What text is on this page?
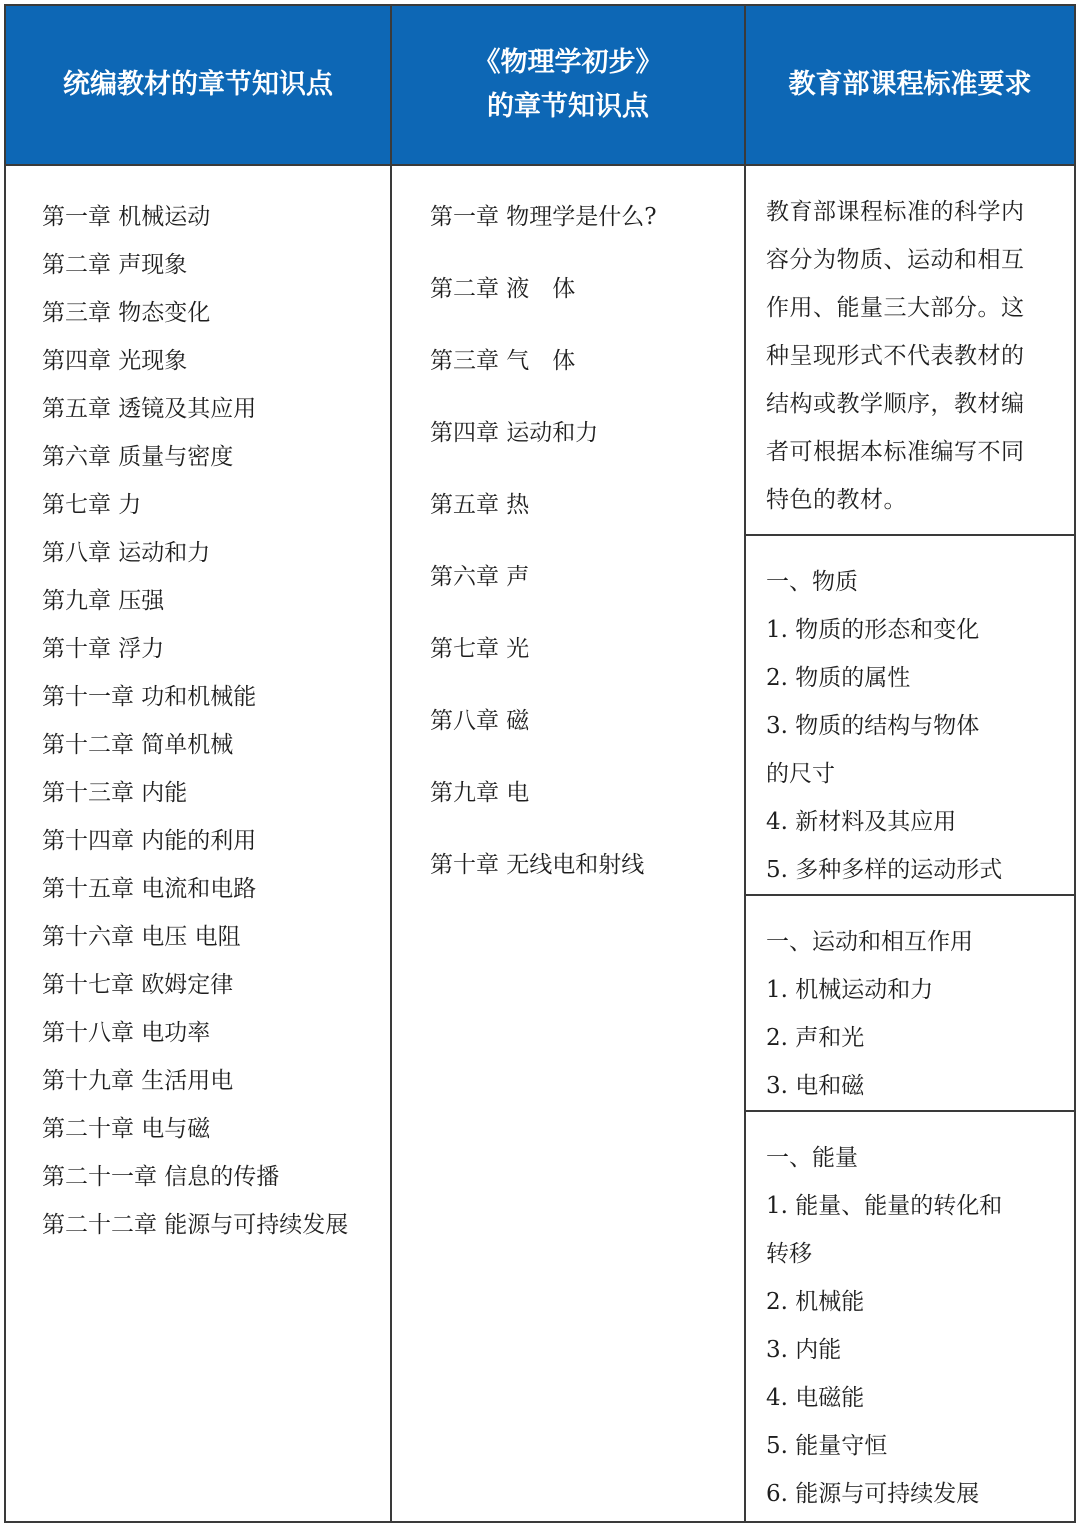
统编教材的章节知识点
第一章 机械运动
第二章 声现象
第三章 物态变化
第四章 光现象
第五章 透镜及其应用
第六章 质量与密度
第七章 力
第八章 运动和力
第九章 压强
第十章 浮力
第十一章 功和机械能
第十二章 简单机械
第十三章 内能
第十四章 内能的利用
第十五章 电流和电路
第十六章 电压 电阻
第十七章 欧姆定律
第十八章 电功率
第十九章 生活用电
第二十章 电与磁
第二十一章 信息的传播
第二十二章 能源与可持续发展
《物理学初步》
的章节知识点
第一章 物理学是什么?
第二章 液　体
第三章 气　体
第四章 运动和力
第五章 热
第六章 声
第七章 光
第八章 磁
第九章 电
第十章 无线电和射线
教育部课程标准要求
教育部课程标准的科学内
容分为物质、运动和相互
作用、能量三大部分。这
种呈现形式不代表教材的
结构或教学顺序，教材编
者可根据本标准编写不同
特色的教材。
一、物质
1. 物质的形态和变化
2. 物质的属性
3. 物质的结构与物体
的尺寸
4. 新材料及其应用
5. 多种多样的运动形式
一、运动和相互作用
1. 机械运动和力
2. 声和光
3. 电和磁
一、能量
1. 能量、能量的转化和
转移
2. 机械能
3. 内能
4. 电磁能
5. 能量守恒
6. 能源与可持续发展
